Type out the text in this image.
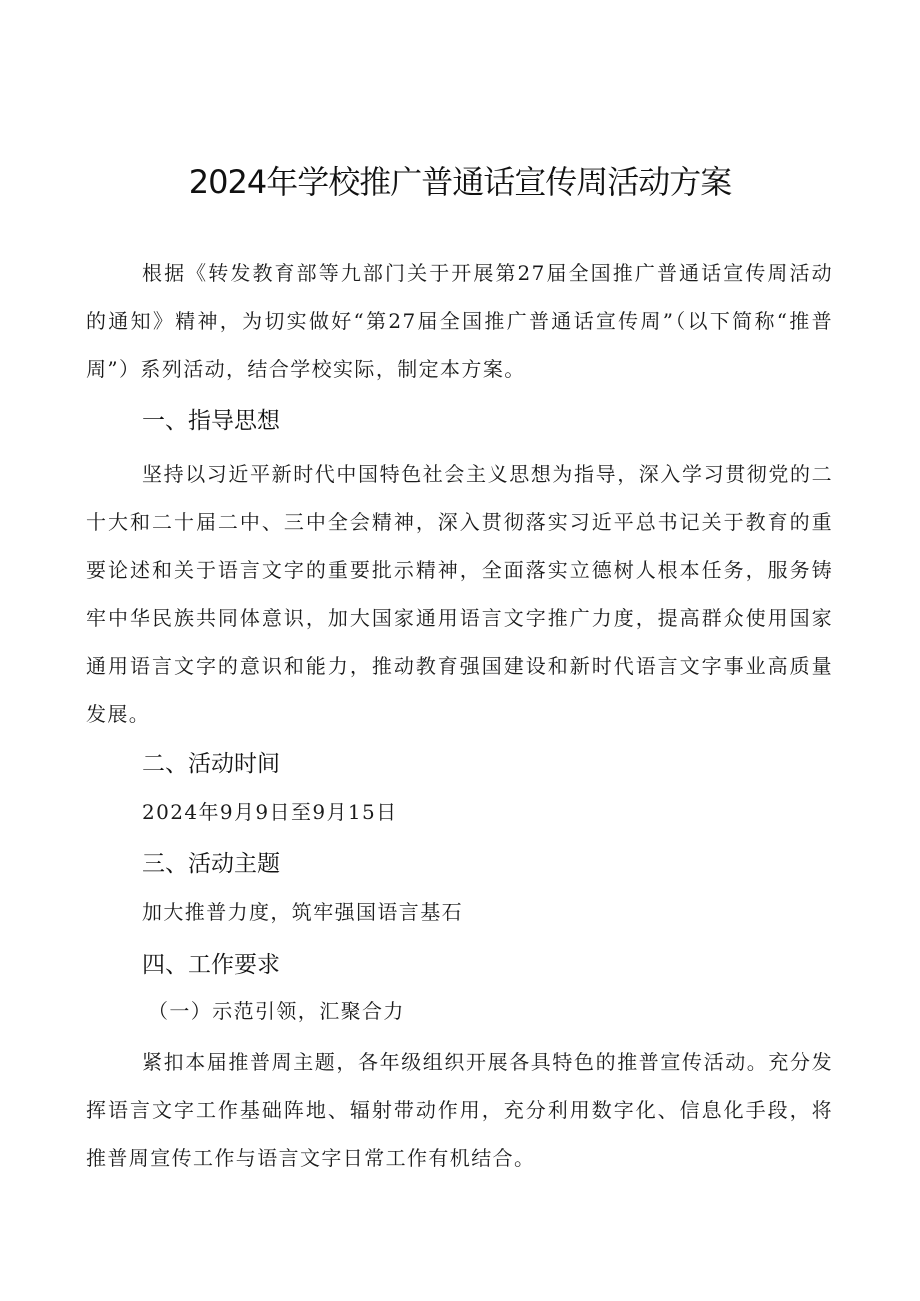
2024年学校推广普通话宣传周活动方案
根据《转发教育部等九部门关于开展第27届全国推广普通话宣传周活动的通知》精神，为切实做好“第27届全国推广普通话宣传周”（以下简称“推普周”）系列活动，结合学校实际，制定本方案。
一、指导思想
坚持以习近平新时代中国特色社会主义思想为指导，深入学习贯彻党的二十大和二十届二中、三中全会精神，深入贯彻落实习近平总书记关于教育的重要论述和关于语言文字的重要批示精神，全面落实立德树人根本任务，服务铸牢中华民族共同体意识，加大国家通用语言文字推广力度，提高群众使用国家通用语言文字的意识和能力，推动教育强国建设和新时代语言文字事业高质量发展。
二、活动时间
2024年9月9日至9月15日
三、活动主题
加大推普力度，筑牢强国语言基石
四、工作要求
（一）示范引领，汇聚合力
紧扣本届推普周主题，各年级组织开展各具特色的推普宣传活动。充分发挥语言文字工作基础阵地、辐射带动作用，充分利用数字化、信息化手段，将推普周宣传工作与语言文字日常工作有机结合。
